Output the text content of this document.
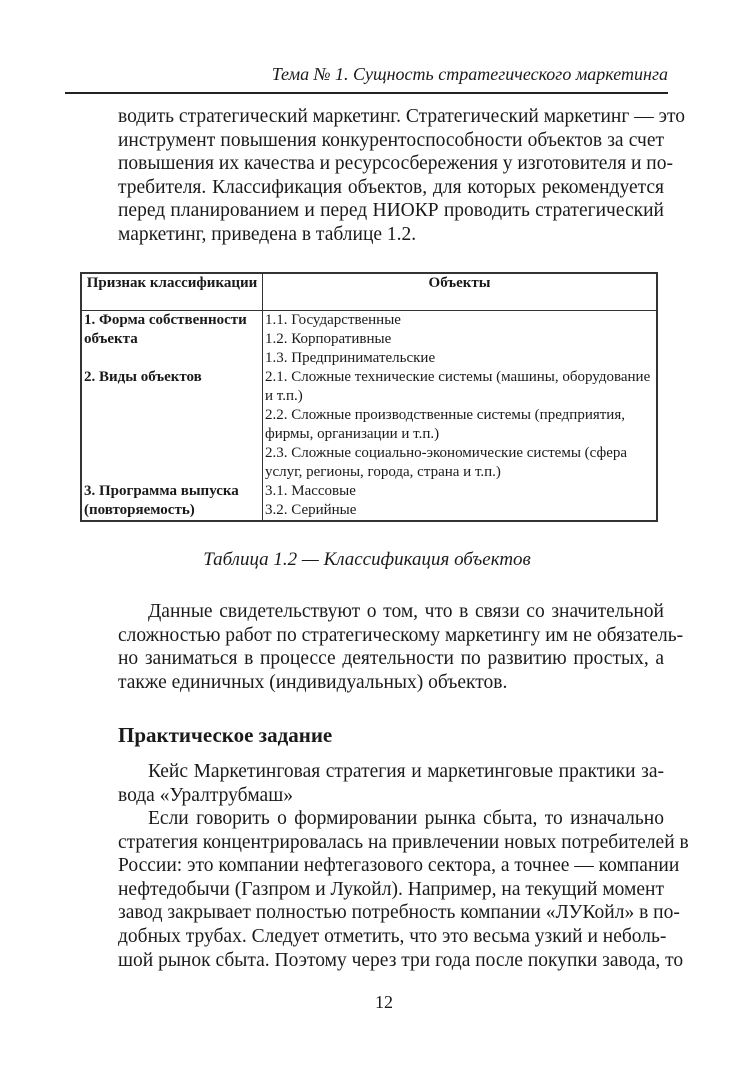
Тема № 1. Сущность стратегического маркетинга
водить стратегический маркетинг. Стратегический маркетинг — это
инструмент повышения конкурентоспособности объектов за счет
повышения их качества и ресурсосбережения у изготовителя и по-
требителя. Классификация объектов, для которых рекомендуется
перед планированием и перед НИОКР проводить стратегический
маркетинг, приведена в таблице 1.2.
Признак классификации	Объекты
1. Форма собственности объекта	1.1. Государственные
1.2. Корпоративные
1.3. Предпринимательские

2. Виды объектов	2.1. Сложные технические системы (машины, оборудование и т.п.)
2.2. Сложные производственные системы (предприятия, фирмы, организации и т.п.)
2.3. Сложные социально-экономические системы (сфера услуг, регионы, города, страна и т.п.)

3. Программа выпуска (повторяемость)	3.1. Массовые
3.2. Серийные
Таблица 1.2 — Классификация объектов
Данные свидетельствуют о том, что в связи со значительной
сложностью работ по стратегическому маркетингу им не обязатель-
но заниматься в процессе деятельности по развитию простых, а
также единичных (индивидуальных) объектов.
Практическое задание
Кейс Маркетинговая стратегия и маркетинговые практики за-
вода «Уралтрубмаш»
Если говорить о формировании рынка сбыта, то изначально
стратегия концентрировалась на привлечении новых потребителей в
России: это компании нефтегазового сектора, а точнее — компании
нефтедобычи (Газпром и Лукойл). Например, на текущий момент
завод закрывает полностью потребность компании «ЛУКойл» в по-
добных трубах. Следует отметить, что это весьма узкий и неболь-
шой рынок сбыта. Поэтому через три года после покупки завода, то
12
